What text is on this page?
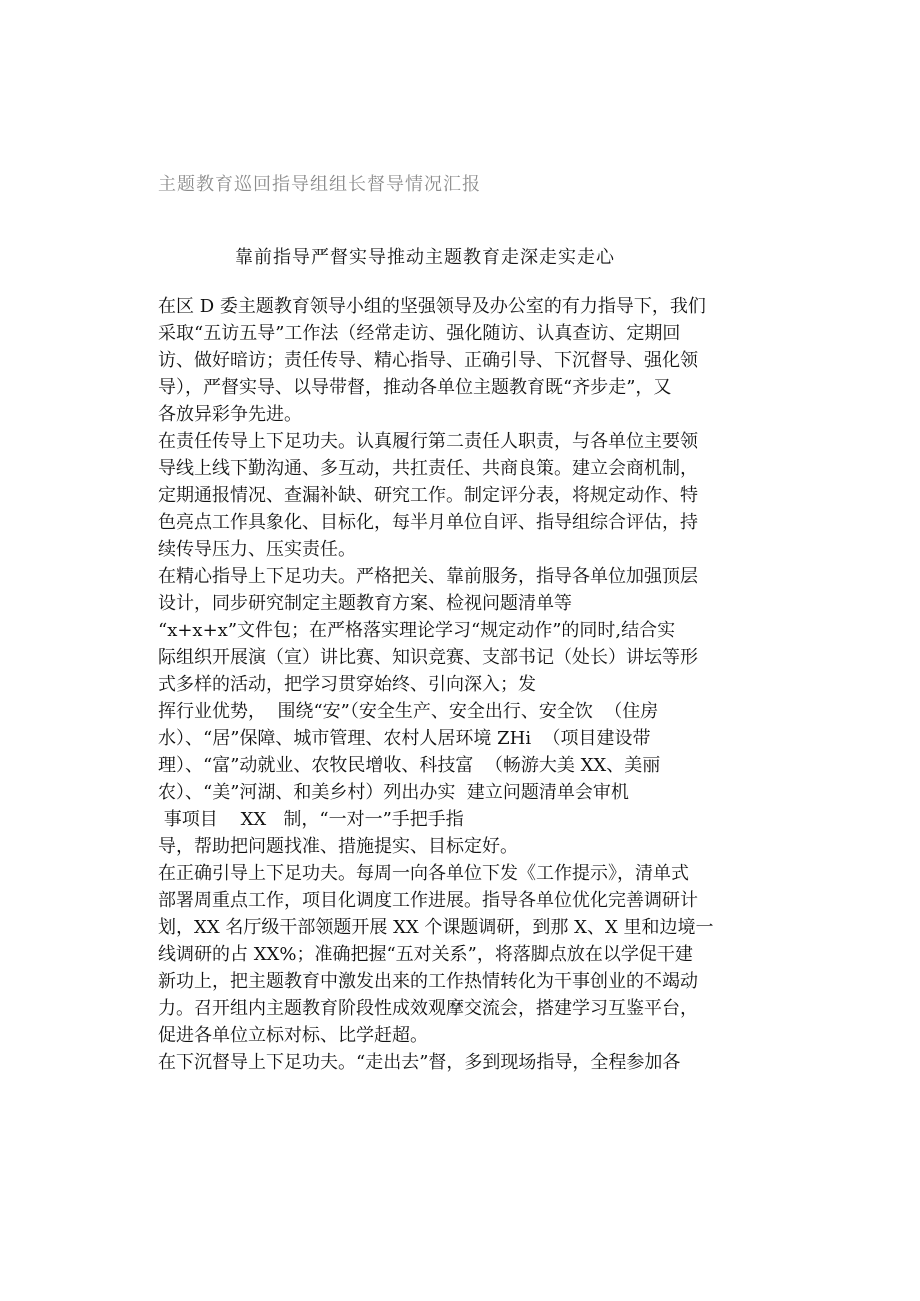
主题教育巡回指导组组长督导情况汇报
靠前指导严督实导推动主题教育走深走实走心
在区 D 委主题教育领导小组的坚强领导及办公室的有力指导下，我们
采取“五访五导”工作法（经常走访、强化随访、认真查访、定期回
访、做好暗访；责任传导、精心指导、正确引导、下沉督导、强化领
导），严督实导、以导带督，推动各单位主题教育既“齐步走”，又
各放异彩争先进。
在责任传导上下足功夫。认真履行第二责任人职责，与各单位主要领
导线上线下勤沟通、多互动，共扛责任、共商良策。建立会商机制，
定期通报情况、查漏补缺、研究工作。制定评分表，将规定动作、特
色亮点工作具象化、目标化，每半月单位自评、指导组综合评估，持
续传导压力、压实责任。
在精心指导上下足功夫。严格把关、靠前服务，指导各单位加强顶层
设计，同步研究制定主题教育方案、检视问题清单等
“x+x+x”文件包；在严格落实理论学习“规定动作”的同时,结合实
际组织开展演（宣）讲比赛、知识竞赛、支部书记（处长）讲坛等形
式多样的活动，把学习贯穿始终、引向深入；发
挥行业优势，  围绕“安”（安全生产、安全出行、安全饮  （住房
水）、“居”保障、城市管理、农村人居环境 ZHi  （项目建设带
理）、“富”动就业、农牧民增收、科技富  （畅游大美 XX、美丽
农）、“美”河湖、和美乡村）列出办实  建立问题清单会审机
事项目    XX   制，“一对一”手把手指
导，帮助把问题找准、措施提实、目标定好。
在正确引导上下足功夫。每周一向各单位下发《工作提示》，清单式
部署周重点工作，项目化调度工作进展。指导各单位优化完善调研计
划，XX 名厅级干部领题开展 XX 个课题调研，到那 X、X 里和边境一
线调研的占 XX%；准确把握“五对关系”，将落脚点放在以学促干建
新功上，把主题教育中激发出来的工作热情转化为干事创业的不竭动
力。召开组内主题教育阶段性成效观摩交流会，搭建学习互鉴平台，
促进各单位立标对标、比学赶超。
在下沉督导上下足功夫。“走出去”督，多到现场指导，全程参加各
